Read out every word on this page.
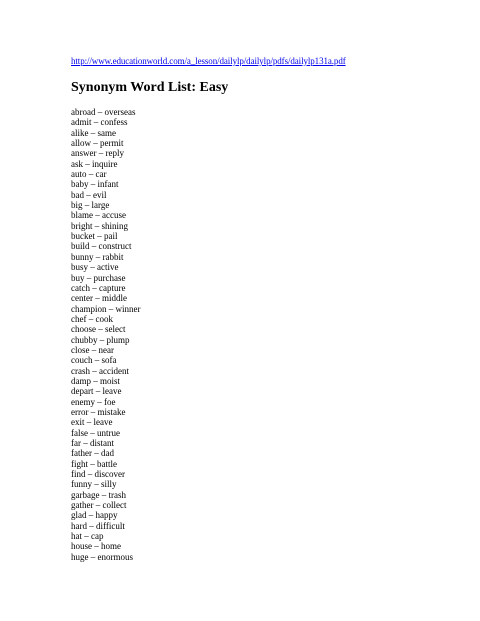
http://www.educationworld.com/a_lesson/dailylp/dailylp/pdfs/dailylp131a.pdf
Synonym Word List: Easy
abroad – overseas
admit – confess
alike – same
allow – permit
answer – reply
ask – inquire
auto – car
baby – infant
bad – evil
big – large
blame – accuse
bright – shining
bucket – pail
build – construct
bunny – rabbit
busy – active
buy – purchase
catch – capture
center – middle
champion – winner
chef – cook
choose – select
chubby – plump
close – near
couch – sofa
crash – accident
damp – moist
depart – leave
enemy – foe
error – mistake
exit – leave
false – untrue
far – distant
father – dad
fight – battle
find – discover
funny – silly
garbage – trash
gather – collect
glad – happy
hard – difficult
hat – cap
house – home
huge – enormous
